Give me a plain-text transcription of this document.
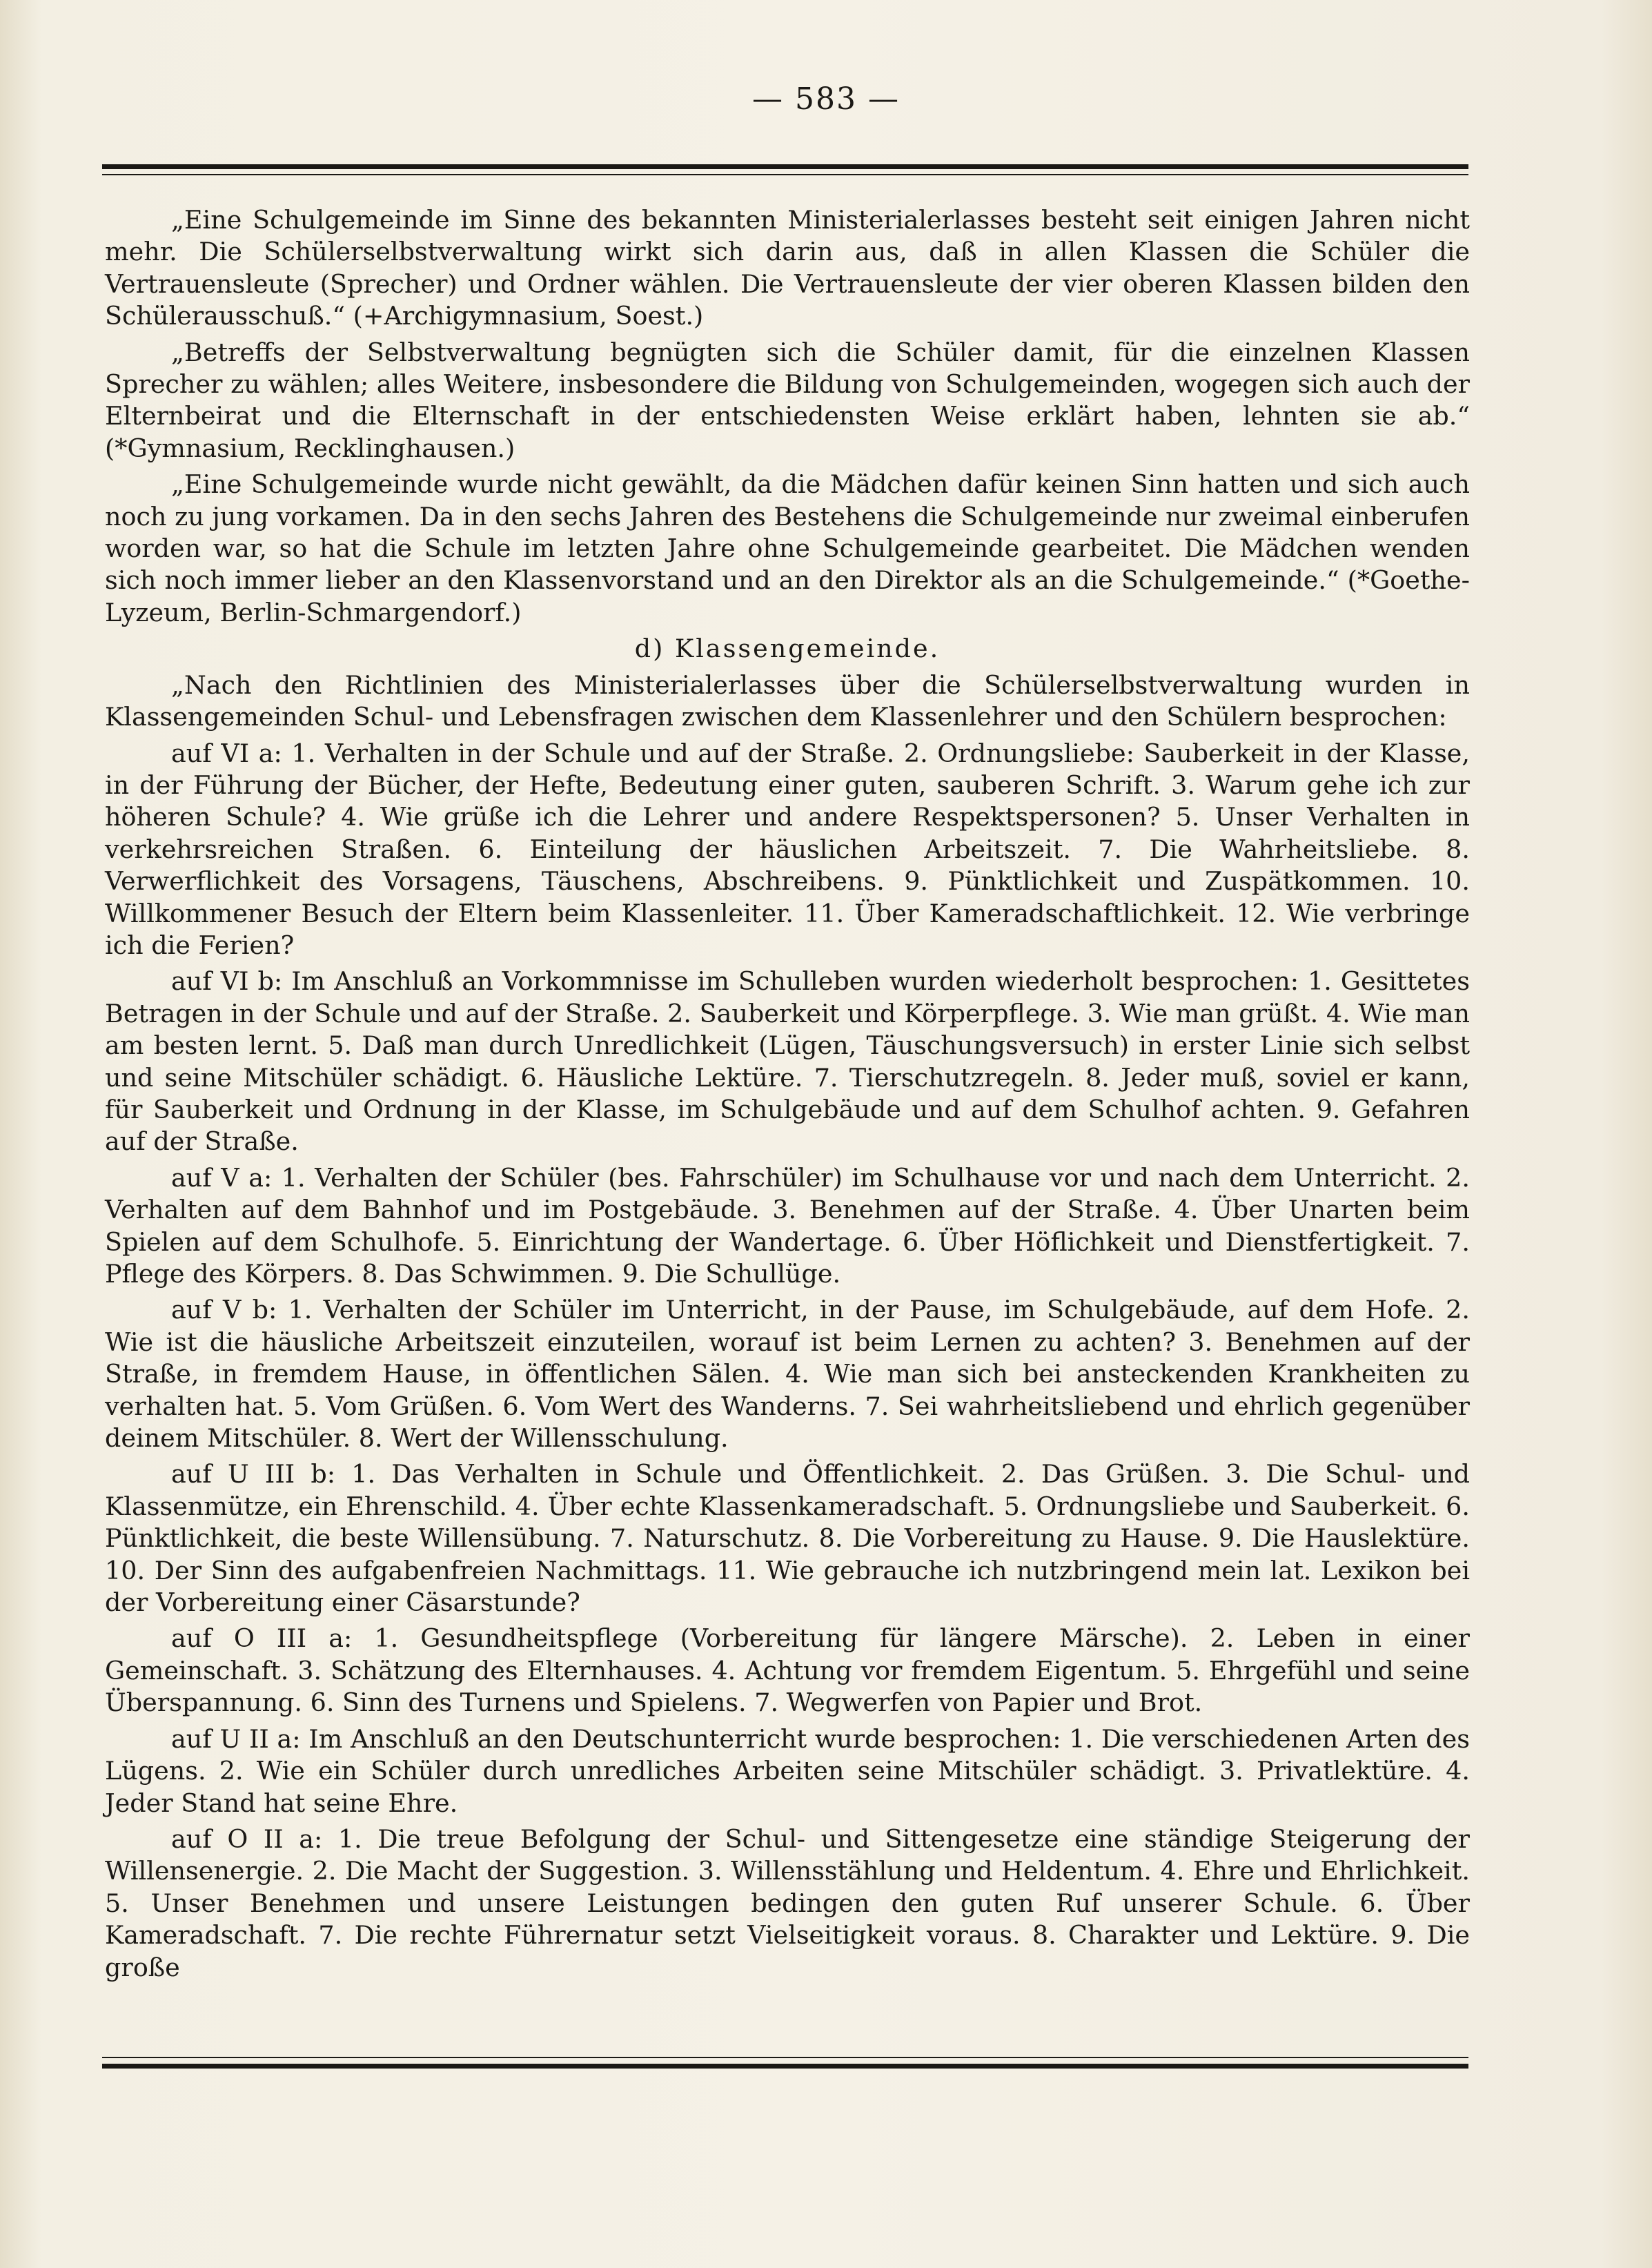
— 583 —

„Eine Schulgemeinde im Sinne des bekannten Ministerialerlasses besteht seit einigen Jahren nicht mehr. Die Schülerselbstverwaltung wirkt sich darin aus, daß in allen Klassen die Schüler die Vertrauensleute (Sprecher) und Ordner wählen. Die Vertrauensleute der vier oberen Klassen bilden den Schülerausschuß.“ (+Archigymnasium, Soest.)

„Betreffs der Selbstverwaltung begnügten sich die Schüler damit, für die einzelnen Klassen Sprecher zu wählen; alles Weitere, insbesondere die Bildung von Schulgemeinden, wogegen sich auch der Elternbeirat und die Elternschaft in der entschiedensten Weise erklärt haben, lehnten sie ab.“ (*Gymnasium, Recklinghausen.)

„Eine Schulgemeinde wurde nicht gewählt, da die Mädchen dafür keinen Sinn hatten und sich auch noch zu jung vorkamen. Da in den sechs Jahren des Bestehens die Schulgemeinde nur zweimal einberufen worden war, so hat die Schule im letzten Jahre ohne Schulgemeinde gearbeitet. Die Mädchen wenden sich noch immer lieber an den Klassenvorstand und an den Direktor als an die Schulgemeinde.“ (*Goethe-Lyzeum, Berlin-Schmargendorf.)

d) Klassengemeinde.

„Nach den Richtlinien des Ministerialerlasses über die Schülerselbstverwaltung wurden in Klassengemeinden Schul- und Lebensfragen zwischen dem Klassenlehrer und den Schülern besprochen:

auf VI a: 1. Verhalten in der Schule und auf der Straße. 2. Ordnungsliebe: Sauberkeit in der Klasse, in der Führung der Bücher, der Hefte, Bedeutung einer guten, sauberen Schrift. 3. Warum gehe ich zur höheren Schule? 4. Wie grüße ich die Lehrer und andere Respektspersonen? 5. Unser Verhalten in verkehrsreichen Straßen. 6. Einteilung der häuslichen Arbeitszeit. 7. Die Wahrheitsliebe. 8. Verwerflichkeit des Vorsagens, Täuschens, Abschreibens. 9. Pünktlichkeit und Zuspätkommen. 10. Willkommener Besuch der Eltern beim Klassenleiter. 11. Über Kameradschaftlichkeit. 12. Wie verbringe ich die Ferien?

auf VI b: Im Anschluß an Vorkommnisse im Schulleben wurden wiederholt besprochen: 1. Gesittetes Betragen in der Schule und auf der Straße. 2. Sauberkeit und Körperpflege. 3. Wie man grüßt. 4. Wie man am besten lernt. 5. Daß man durch Unredlichkeit (Lügen, Täuschungsversuch) in erster Linie sich selbst und seine Mitschüler schädigt. 6. Häusliche Lektüre. 7. Tierschutzregeln. 8. Jeder muß, soviel er kann, für Sauberkeit und Ordnung in der Klasse, im Schulgebäude und auf dem Schulhof achten. 9. Gefahren auf der Straße.

auf V a: 1. Verhalten der Schüler (bes. Fahrschüler) im Schulhause vor und nach dem Unterricht. 2. Verhalten auf dem Bahnhof und im Postgebäude. 3. Benehmen auf der Straße. 4. Über Unarten beim Spielen auf dem Schulhofe. 5. Einrichtung der Wandertage. 6. Über Höflichkeit und Dienstfertigkeit. 7. Pflege des Körpers. 8. Das Schwimmen. 9. Die Schullüge.

auf V b: 1. Verhalten der Schüler im Unterricht, in der Pause, im Schulgebäude, auf dem Hofe. 2. Wie ist die häusliche Arbeitszeit einzuteilen, worauf ist beim Lernen zu achten? 3. Benehmen auf der Straße, in fremdem Hause, in öffentlichen Sälen. 4. Wie man sich bei ansteckenden Krankheiten zu verhalten hat. 5. Vom Grüßen. 6. Vom Wert des Wanderns. 7. Sei wahrheitsliebend und ehrlich gegenüber deinem Mitschüler. 8. Wert der Willensschulung.

auf U III b: 1. Das Verhalten in Schule und Öffentlichkeit. 2. Das Grüßen. 3. Die Schul- und Klassenmütze, ein Ehrenschild. 4. Über echte Klassenkameradschaft. 5. Ordnungsliebe und Sauberkeit. 6. Pünktlichkeit, die beste Willensübung. 7. Naturschutz. 8. Die Vorbereitung zu Hause. 9. Die Hauslektüre. 10. Der Sinn des aufgabenfreien Nachmittags. 11. Wie gebrauche ich nutzbringend mein lat. Lexikon bei der Vorbereitung einer Cäsarstunde?

auf O III a: 1. Gesundheitspflege (Vorbereitung für längere Märsche). 2. Leben in einer Gemeinschaft. 3. Schätzung des Elternhauses. 4. Achtung vor fremdem Eigentum. 5. Ehrgefühl und seine Überspannung. 6. Sinn des Turnens und Spielens. 7. Wegwerfen von Papier und Brot.

auf U II a: Im Anschluß an den Deutschunterricht wurde besprochen: 1. Die verschiedenen Arten des Lügens. 2. Wie ein Schüler durch unredliches Arbeiten seine Mitschüler schädigt. 3. Privatlektüre. 4. Jeder Stand hat seine Ehre.

auf O II a: 1. Die treue Befolgung der Schul- und Sittengesetze eine ständige Steigerung der Willensenergie. 2. Die Macht der Suggestion. 3. Willensstählung und Heldentum. 4. Ehre und Ehrlichkeit. 5. Unser Benehmen und unsere Leistungen bedingen den guten Ruf unserer Schule. 6. Über Kameradschaft. 7. Die rechte Führernatur setzt Vielseitigkeit voraus. 8. Charakter und Lektüre. 9. Die große
